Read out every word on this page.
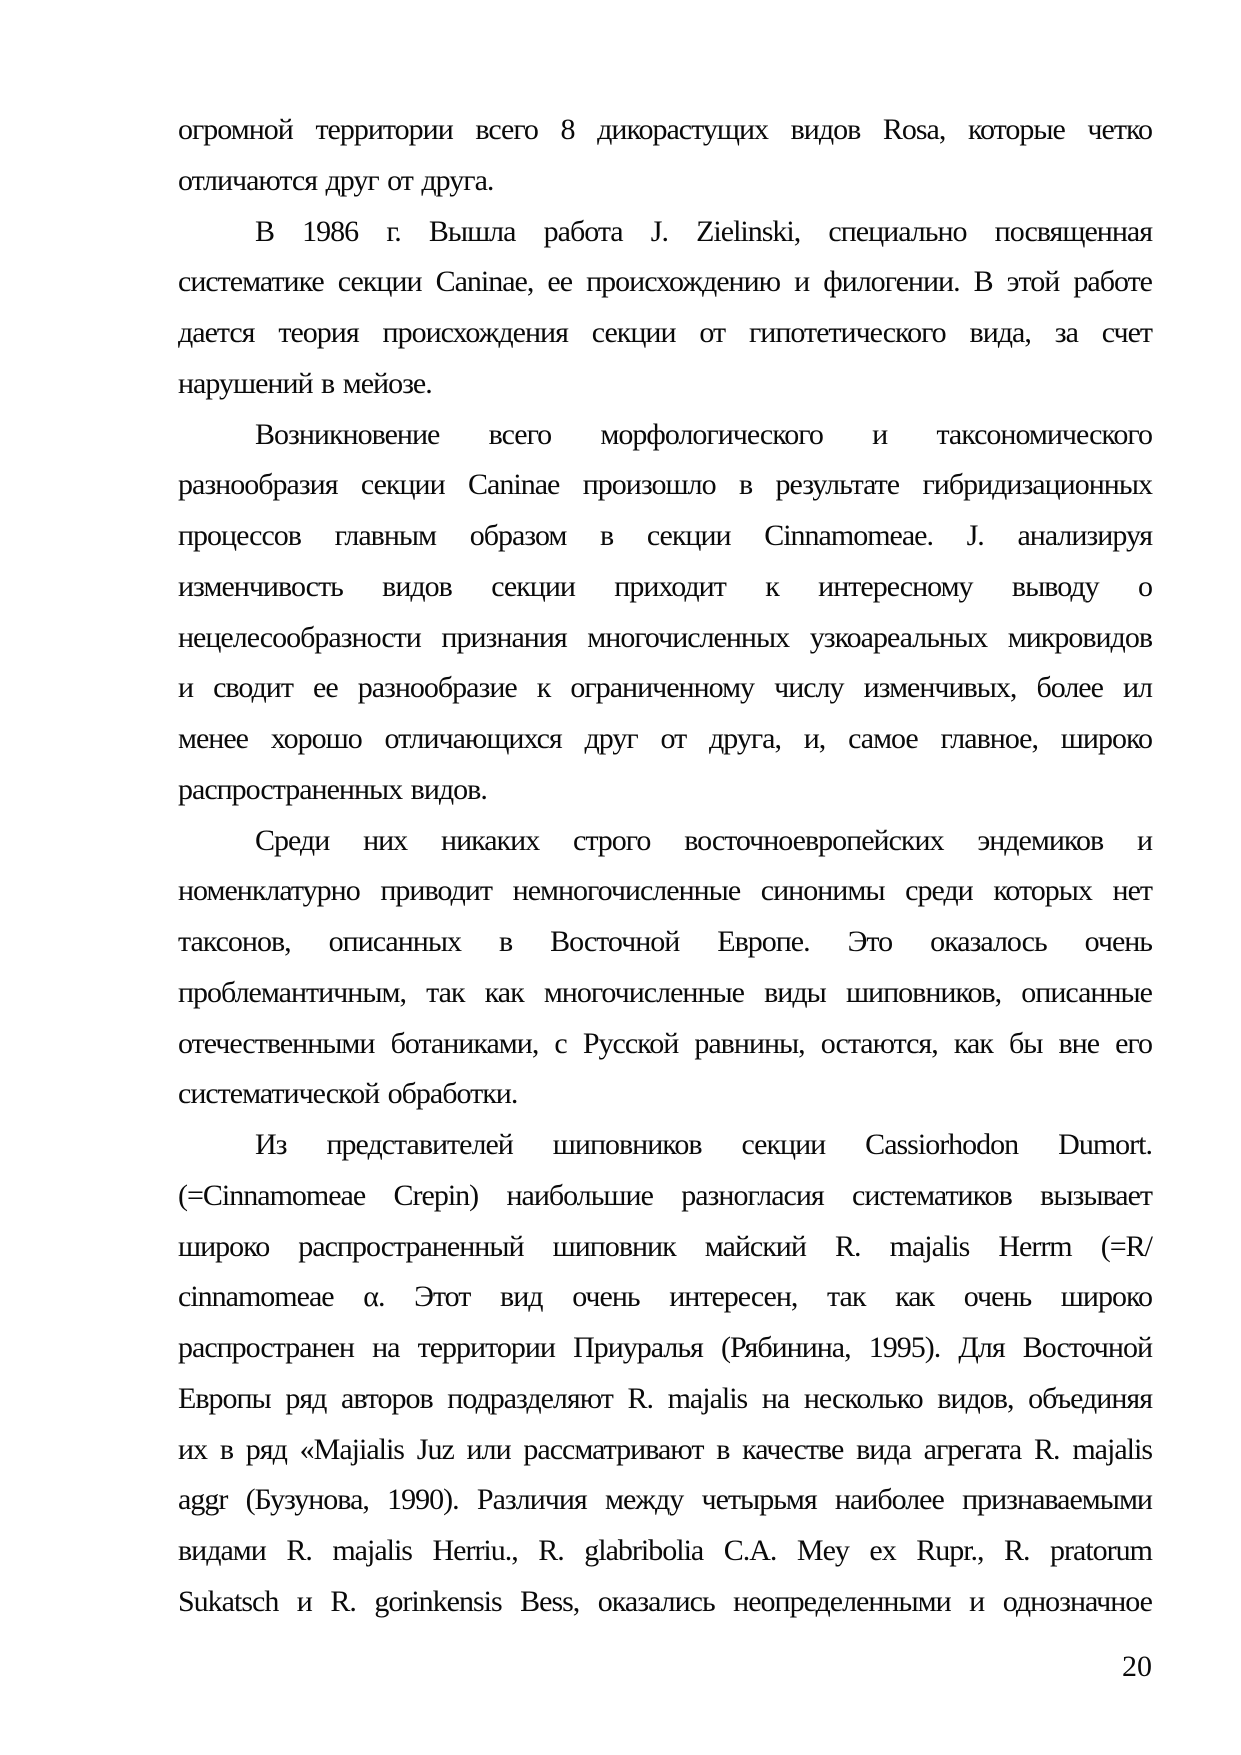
огромной территории всего 8 дикорастущих видов Rosa, которые четко
отличаются друг от друга.
В 1986 г. Вышла работа J. Zielinski, специально посвященная
систематике секции Caninae, ее происхождению и филогении. В этой работе
дается теория происхождения секции от гипотетического вида, за счет
нарушений в мейозе.
Возникновение всего морфологического и таксономического
разнообразия секции Caninae произошло в результате гибридизационных
процессов главным образом в секции Cinnamomeae. J. анализируя
изменчивость видов секции приходит к интересному выводу о
нецелесообразности признания многочисленных узкоареальных микровидов
и сводит ее разнообразие к ограниченному числу изменчивых, более ил
менее хорошо отличающихся друг от друга, и, самое главное, широко
распространенных видов.
Среди них никаких строго восточноевропейских эндемиков и
номенклатурно приводит немногочисленные синонимы среди которых нет
таксонов, описанных в Восточной Европе. Это оказалось очень
проблемантичным, так как многочисленные виды шиповников, описанные
отечественными ботаниками, с Русской равнины, остаются, как бы вне его
систематической обработки.
Из представителей шиповников секции Cassiorhodon Dumort.
(=Cinnamomeae Crepin) наибольшие разногласия систематиков вызывает
широко распространенный шиповник майский R. majalis Herrm (=R/
cinnamomeae α. Этот вид очень интересен, так как очень широко
распространен на территории Приуралья (Рябинина, 1995). Для Восточной
Европы ряд авторов подразделяют R. majalis на несколько видов, объединяя
их в ряд «Majialis Juz или рассматривают в качестве вида агрегата R. majalis
aggr (Бузунова, 1990). Различия между четырьмя наиболее признаваемыми
видами R. majalis Herriu., R. glabribolia C.A. Mey ex Rupr., R. pratorum
Sukatsch и R. gorinkensis Bess, оказались неопределенными и однозначное
20
